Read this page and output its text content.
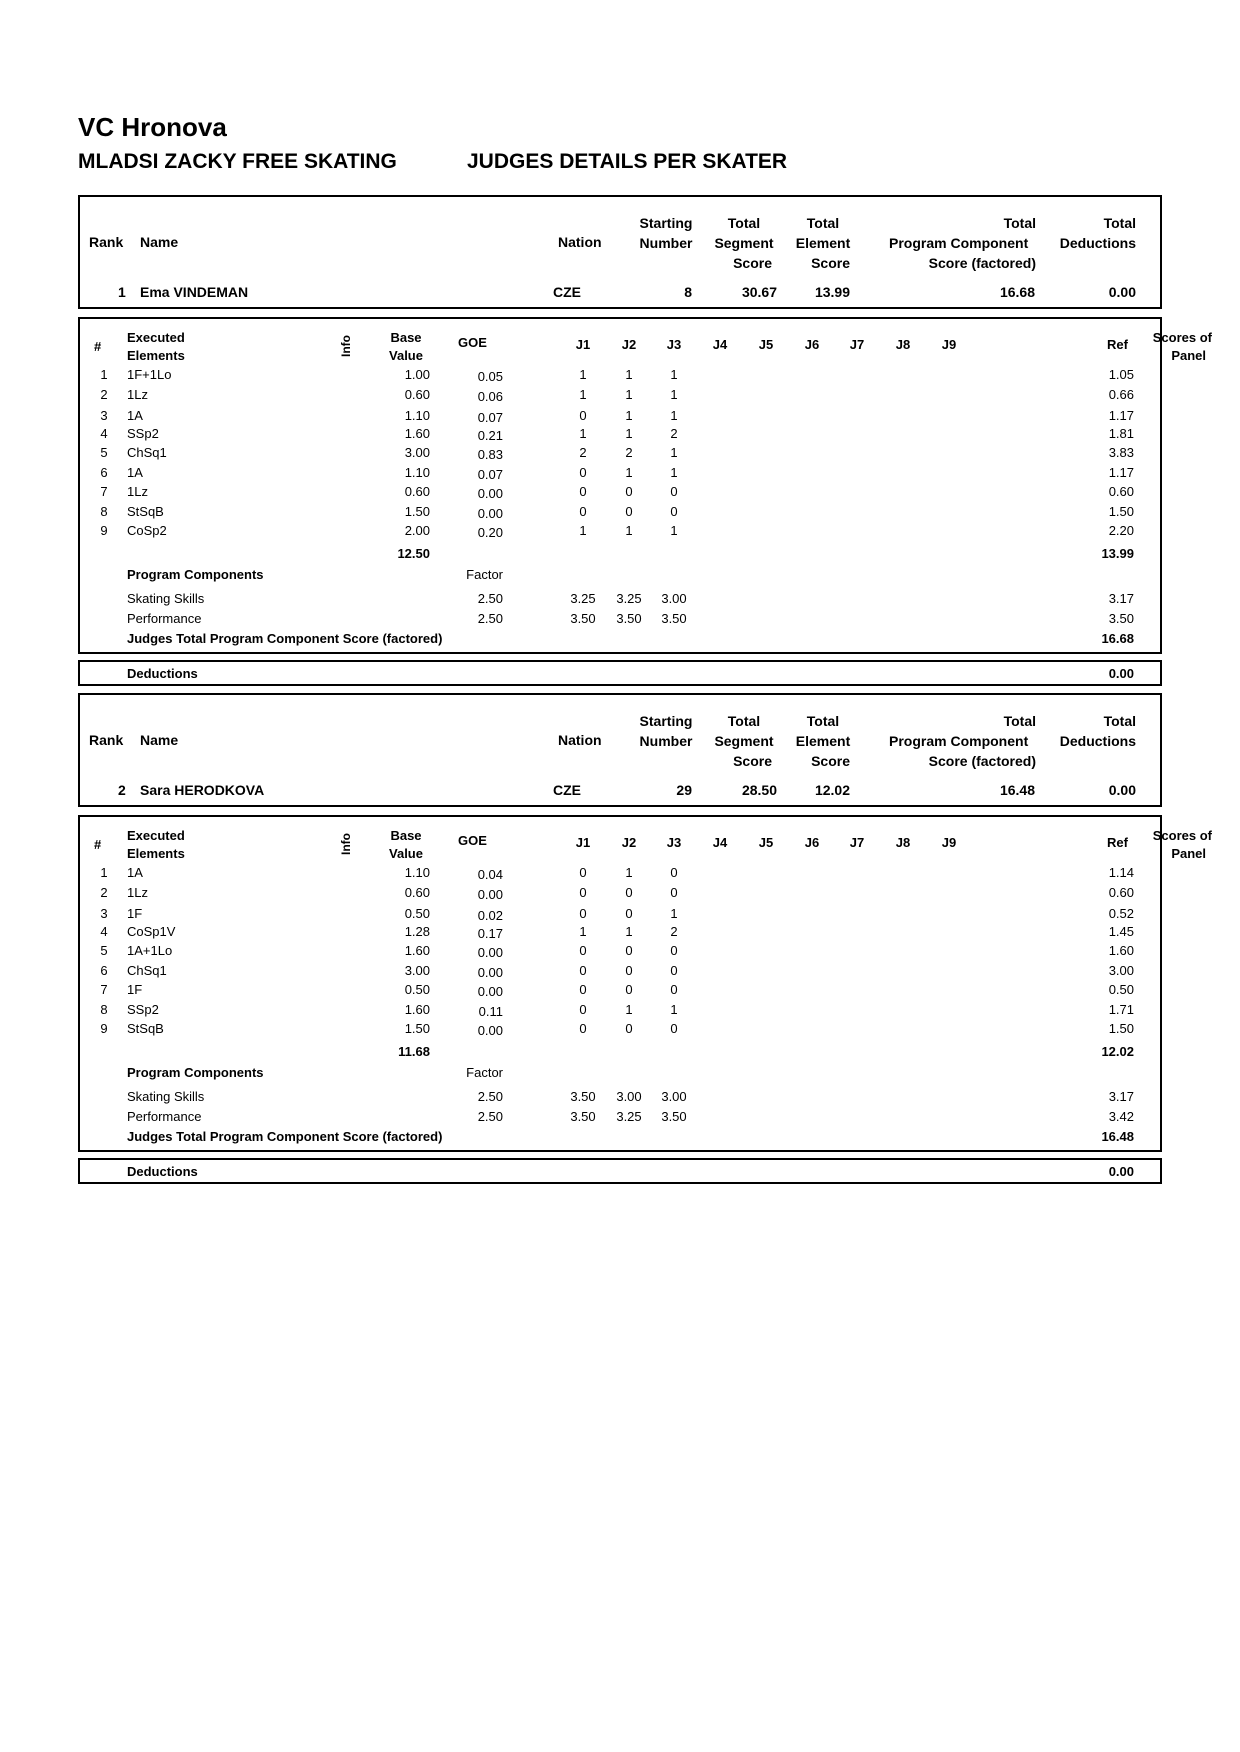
VC Hronova
MLADSI ZACKY FREE SKATING	JUDGES DETAILS PER SKATER
Rank Name	Nation
Starting
Number
Total
Segment
Score
Total
Element
Score
Total
Program Component
Score (factored)
Total
Deductions
1 Ema VINDEMAN	CZE	8	30.67	13.99	16.68	0.00
#
Executed
Elements	Info	Base
Value
GOE	J1	J2	J3	J4	J5	J6	J7	J8	J9	Ref Scores of
Panel
1	1F+1Lo	1.00	0.05	1	1	1	1.05
2	1Lz	0.60	0.06	1	1	1	0.66
3	1A	1.10	0.07	0	1	1	1.17
4	SSp2	1.60	0.21	1	1	2	1.81
5	ChSq1	3.00	0.83	2	2	1	3.83
6	1A	1.10	0.07	0	1	1	1.17
7	1Lz	0.60	0.00	0	0	0	0.60
8	StSqB	1.50	0.00	0	0	0	1.50
9	CoSp2	2.00	0.20	1	1	1	2.20
12.50	13.99
Program Components	Factor
Skating Skills	2.50	3.25	3.25	3.00	3.17
Performance	2.50	3.50	3.50	3.50	3.50
Judges Total Program Component Score (factored)	16.68
Deductions	0.00
Rank Name	Nation
Starting
Number
Total
Segment
Score
Total
Element
Score
Total
Program Component
Score (factored)
Total
Deductions
2 Sara HERODKOVA	CZE	29	28.50	12.02	16.48	0.00
#
Executed
Elements	Info	Base
Value
GOE	J1	J2	J3	J4	J5	J6	J7	J8	J9	Ref Scores of
Panel
1	1A	1.10	0.04	0	1	0	1.14
2	1Lz	0.60	0.00	0	0	0	0.60
3	1F	0.50	0.02	0	0	1	0.52
4	CoSp1V	1.28	0.17	1	1	2	1.45
5	1A+1Lo	1.60	0.00	0	0	0	1.60
6	ChSq1	3.00	0.00	0	0	0	3.00
7	1F	0.50	0.00	0	0	0	0.50
8	SSp2	1.60	0.11	0	1	1	1.71
9	StSqB	1.50	0.00	0	0	0	1.50
11.68	12.02
Program Components	Factor
Skating Skills	2.50	3.50	3.00	3.00	3.17
Performance	2.50	3.50	3.25	3.50	3.42
Judges Total Program Component Score (factored)	16.48
Deductions	0.00
